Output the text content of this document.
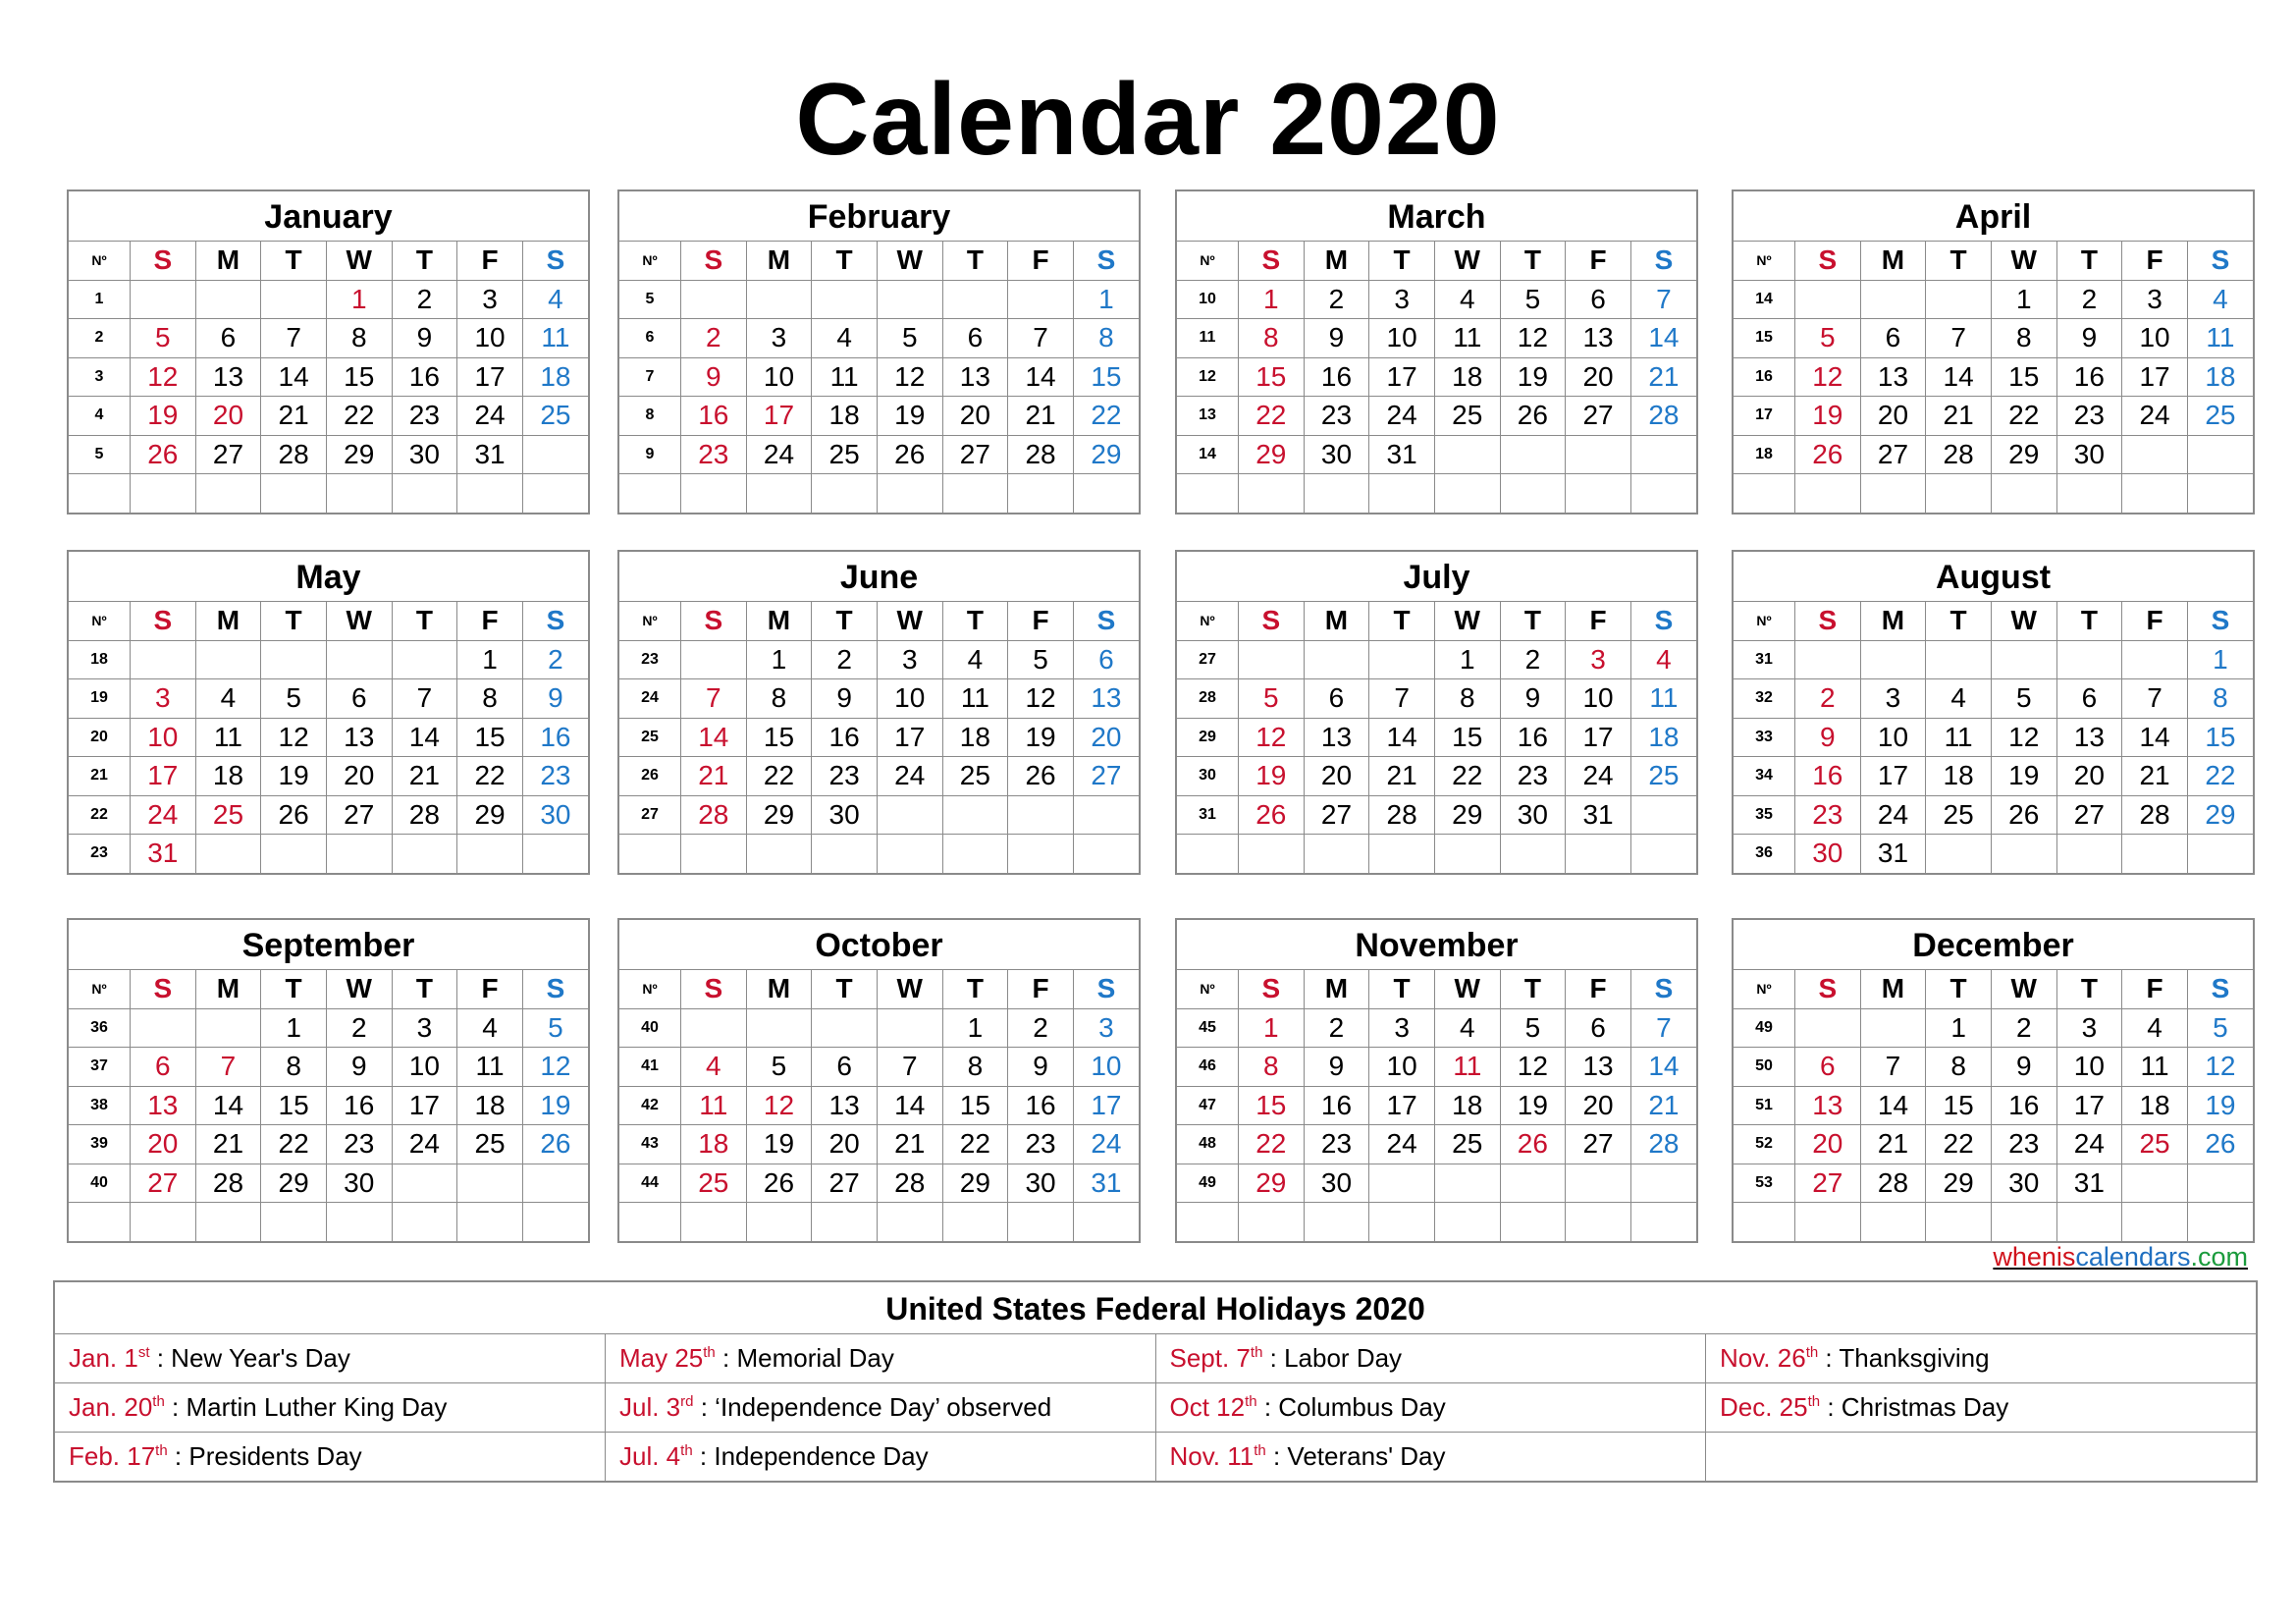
Calendar 2020
January
Nº	S	M	T	W	T	F	S
1				1	2	3	4
2	5	6	7	8	9	10	11
3	12	13	14	15	16	17	18
4	19	20	21	22	23	24	25
5	26	27	28	29	30	31	

February
Nº	S	M	T	W	T	F	S
5							1
6	2	3	4	5	6	7	8
7	9	10	11	12	13	14	15
8	16	17	18	19	20	21	22
9	23	24	25	26	27	28	29

March
Nº	S	M	T	W	T	F	S
10	1	2	3	4	5	6	7
11	8	9	10	11	12	13	14
12	15	16	17	18	19	20	21
13	22	23	24	25	26	27	28
14	29	30	31				

April
Nº	S	M	T	W	T	F	S
14				1	2	3	4
15	5	6	7	8	9	10	11
16	12	13	14	15	16	17	18
17	19	20	21	22	23	24	25
18	26	27	28	29	30		

May
Nº	S	M	T	W	T	F	S
18						1	2
19	3	4	5	6	7	8	9
20	10	11	12	13	14	15	16
21	17	18	19	20	21	22	23
22	24	25	26	27	28	29	30
23	31						
June
Nº	S	M	T	W	T	F	S
23		1	2	3	4	5	6
24	7	8	9	10	11	12	13
25	14	15	16	17	18	19	20
26	21	22	23	24	25	26	27
27	28	29	30				

July
Nº	S	M	T	W	T	F	S
27				1	2	3	4
28	5	6	7	8	9	10	11
29	12	13	14	15	16	17	18
30	19	20	21	22	23	24	25
31	26	27	28	29	30	31	

August
Nº	S	M	T	W	T	F	S
31							1
32	2	3	4	5	6	7	8
33	9	10	11	12	13	14	15
34	16	17	18	19	20	21	22
35	23	24	25	26	27	28	29
36	30	31					
September
Nº	S	M	T	W	T	F	S
36			1	2	3	4	5
37	6	7	8	9	10	11	12
38	13	14	15	16	17	18	19
39	20	21	22	23	24	25	26
40	27	28	29	30			

October
Nº	S	M	T	W	T	F	S
40					1	2	3
41	4	5	6	7	8	9	10
42	11	12	13	14	15	16	17
43	18	19	20	21	22	23	24
44	25	26	27	28	29	30	31

November
Nº	S	M	T	W	T	F	S
45	1	2	3	4	5	6	7
46	8	9	10	11	12	13	14
47	15	16	17	18	19	20	21
48	22	23	24	25	26	27	28
49	29	30					

December
Nº	S	M	T	W	T	F	S
49			1	2	3	4	5
50	6	7	8	9	10	11	12
51	13	14	15	16	17	18	19
52	20	21	22	23	24	25	26
53	27	28	29	30	31		

wheniscalendars.com
United States Federal Holidays 2020
Jan. 1st : New Year's Day	May 25th : Memorial Day	Sept. 7th : Labor Day	Nov. 26th : Thanksgiving
Jan. 20th : Martin Luther King Day	Jul. 3rd : ‘Independence Day’ observed	Oct 12th : Columbus Day	Dec. 25th : Christmas Day
Feb. 17th : Presidents Day	Jul. 4th : Independence Day	Nov. 11th : Veterans' Day	
